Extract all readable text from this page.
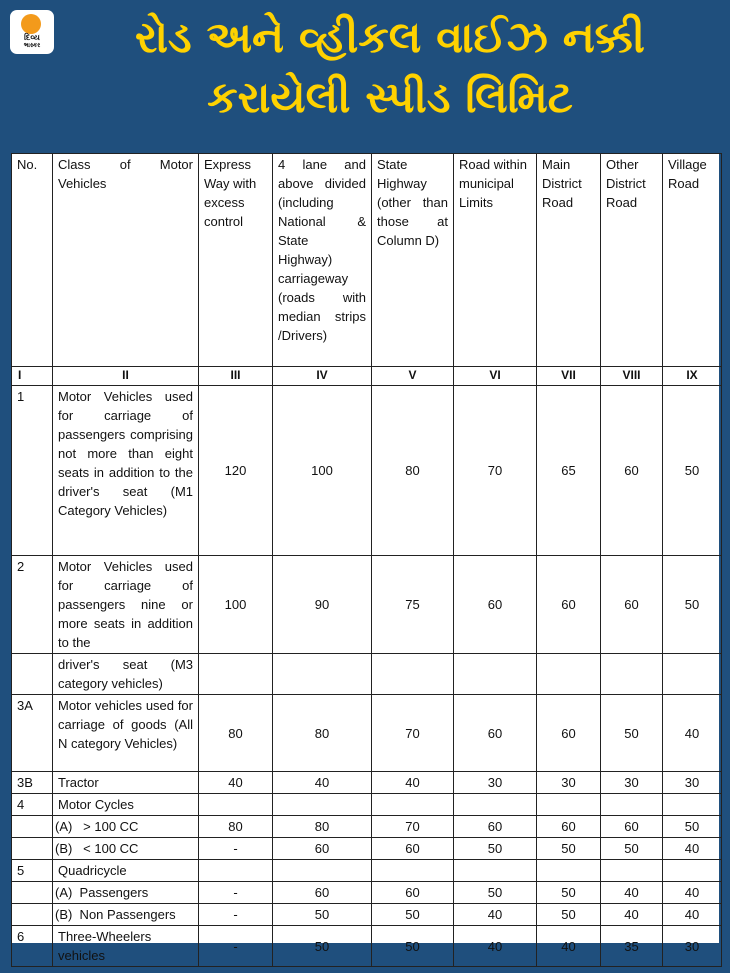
દિવ્ય
ભાસ્કર	રોડ અને વ્હીકલ વાઈઝ નક્કી
કરાયેલી સ્પીડ લિમિટ
No.	Class of Motor Vehicles	Express Way with excess control	4 lane and above divided (including National & State Highway) carriageway (roads with median strips /Drivers)	State Highway (other than those at Column D)	Road within municipal Limits	Main District Road	Other District Road	Village Road
I	II	III	IV	V	VI	VII	VIII	IX
1	Motor Vehicles used for carriage of passengers comprising not more than eight seats in addition to the driver's seat (M1 Category Vehicles)	120	100	80	70	65	60	50
2	Motor Vehicles used for carriage of passengers nine or more seats in addition to the	100	90	75	60	60	60	50
	driver's seat (M3 category vehicles)							
3A	Motor vehicles used for carriage of goods (All N category Vehicles)	80	80	70	60	60	50	40
3B	Tractor	40	40	40	30	30	30	30
4	Motor Cycles							
	(A)   > 100 CC	80	80	70	60	60	60	50
	(B)   < 100 CC	-	60	60	50	50	50	40
5	Quadricycle							
	(A)  Passengers	-	60	60	50	50	40	40
	(B)  Non Passengers	-	50	50	40	50	40	40
6	Three-Wheelers vehicles	-	50	50	40	40	35	30
